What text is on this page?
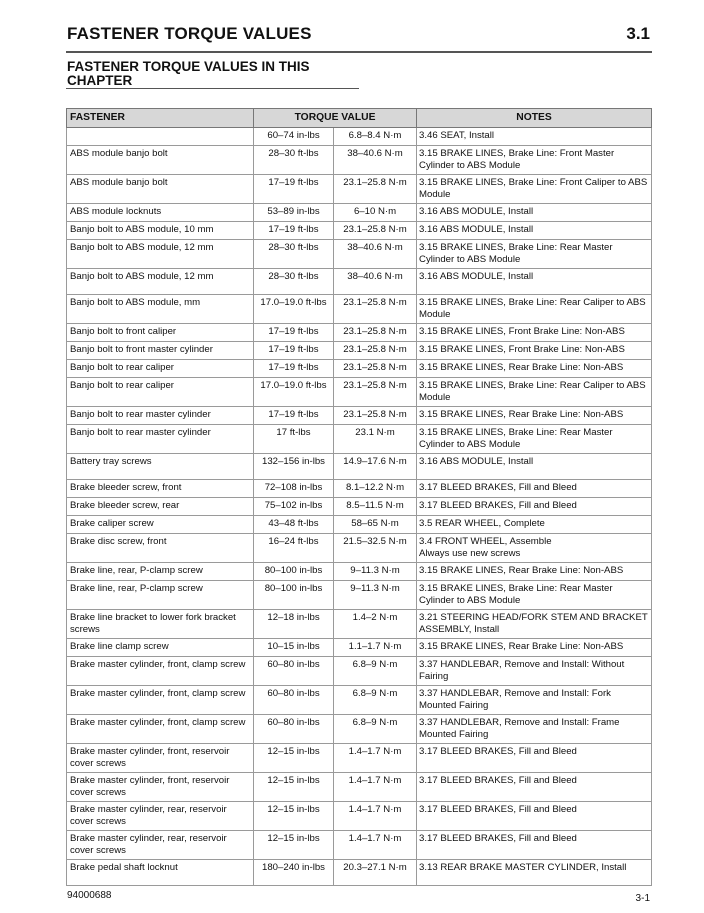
FASTENER TORQUE VALUES	3.1
FASTENER TORQUE VALUES IN THIS CHAPTER
FASTENER	TORQUE VALUE		NOTES
	60–74 in-lbs	6.8–8.4 N·m	3.46 SEAT, Install
ABS module banjo bolt	28–30 ft-lbs	38–40.6 N·m	3.15 BRAKE LINES, Brake Line: Front Master Cylinder to ABS Module
ABS module banjo bolt	17–19 ft-lbs	23.1–25.8 N·m	3.15 BRAKE LINES, Brake Line: Front Caliper to ABS Module
ABS module locknuts	53–89 in-lbs	6–10 N·m	3.16 ABS MODULE, Install
Banjo bolt to ABS module, 10 mm	17–19 ft-lbs	23.1–25.8 N·m	3.16 ABS MODULE, Install
Banjo bolt to ABS module, 12 mm	28–30 ft-lbs	38–40.6 N·m	3.15 BRAKE LINES, Brake Line: Rear Master Cylinder to ABS Module
Banjo bolt to ABS module, 12 mm	28–30 ft-lbs	38–40.6 N·m	3.16 ABS MODULE, Install
Banjo bolt to ABS module, mm	17.0–19.0 ft-lbs	23.1–25.8 N·m	3.15 BRAKE LINES, Brake Line: Rear Caliper to ABS Module
Banjo bolt to front caliper	17–19 ft-lbs	23.1–25.8 N·m	3.15 BRAKE LINES, Front Brake Line: Non-ABS
Banjo bolt to front master cylinder	17–19 ft-lbs	23.1–25.8 N·m	3.15 BRAKE LINES, Front Brake Line: Non-ABS
Banjo bolt to rear caliper	17–19 ft-lbs	23.1–25.8 N·m	3.15 BRAKE LINES, Rear Brake Line: Non-ABS
Banjo bolt to rear caliper	17.0–19.0 ft-lbs	23.1–25.8 N·m	3.15 BRAKE LINES, Brake Line: Rear Caliper to ABS Module
Banjo bolt to rear master cylinder	17–19 ft-lbs	23.1–25.8 N·m	3.15 BRAKE LINES, Rear Brake Line: Non-ABS
Banjo bolt to rear master cylinder	17 ft-lbs	23.1 N·m	3.15 BRAKE LINES, Brake Line: Rear Master Cylinder to ABS Module
Battery tray screws	132–156 in-lbs	14.9–17.6 N·m	3.16 ABS MODULE, Install
Brake bleeder screw, front	72–108 in-lbs	8.1–12.2 N·m	3.17 BLEED BRAKES, Fill and Bleed
Brake bleeder screw, rear	75–102 in-lbs	8.5–11.5 N·m	3.17 BLEED BRAKES, Fill and Bleed
Brake caliper screw	43–48 ft-lbs	58–65 N·m	3.5 REAR WHEEL, Complete
Brake disc screw, front	16–24 ft-lbs	21.5–32.5 N·m	3.4 FRONT WHEEL, Assemble
Always use new screws

Brake line, rear, P-clamp screw	80–100 in-lbs	9–11.3 N·m	3.15 BRAKE LINES, Rear Brake Line: Non-ABS
Brake line, rear, P-clamp screw	80–100 in-lbs	9–11.3 N·m	3.15 BRAKE LINES, Brake Line: Rear Master Cylinder to ABS Module
Brake line bracket to lower fork bracket screws	12–18 in-lbs	1.4–2 N·m	3.21 STEERING HEAD/FORK STEM AND BRACKET ASSEMBLY, Install
Brake line clamp screw	10–15 in-lbs	1.1–1.7 N·m	3.15 BRAKE LINES, Rear Brake Line: Non-ABS
Brake master cylinder, front, clamp screw	60–80 in-lbs	6.8–9 N·m	3.37 HANDLEBAR, Remove and Install: Without Fairing
Brake master cylinder, front, clamp screw	60–80 in-lbs	6.8–9 N·m	3.37 HANDLEBAR, Remove and Install: Fork Mounted Fairing
Brake master cylinder, front, clamp screw	60–80 in-lbs	6.8–9 N·m	3.37 HANDLEBAR, Remove and Install: Frame Mounted Fairing
Brake master cylinder, front, reservoir cover screws	12–15 in-lbs	1.4–1.7 N·m	3.17 BLEED BRAKES, Fill and Bleed
Brake master cylinder, front, reservoir cover screws	12–15 in-lbs	1.4–1.7 N·m	3.17 BLEED BRAKES, Fill and Bleed
Brake master cylinder, rear, reservoir cover screws	12–15 in-lbs	1.4–1.7 N·m	3.17 BLEED BRAKES, Fill and Bleed
Brake master cylinder, rear, reservoir cover screws	12–15 in-lbs	1.4–1.7 N·m	3.17 BLEED BRAKES, Fill and Bleed
Brake pedal shaft locknut	180–240 in-lbs	20.3–27.1 N·m	3.13 REAR BRAKE MASTER CYLINDER, Install
94000688	3-1
